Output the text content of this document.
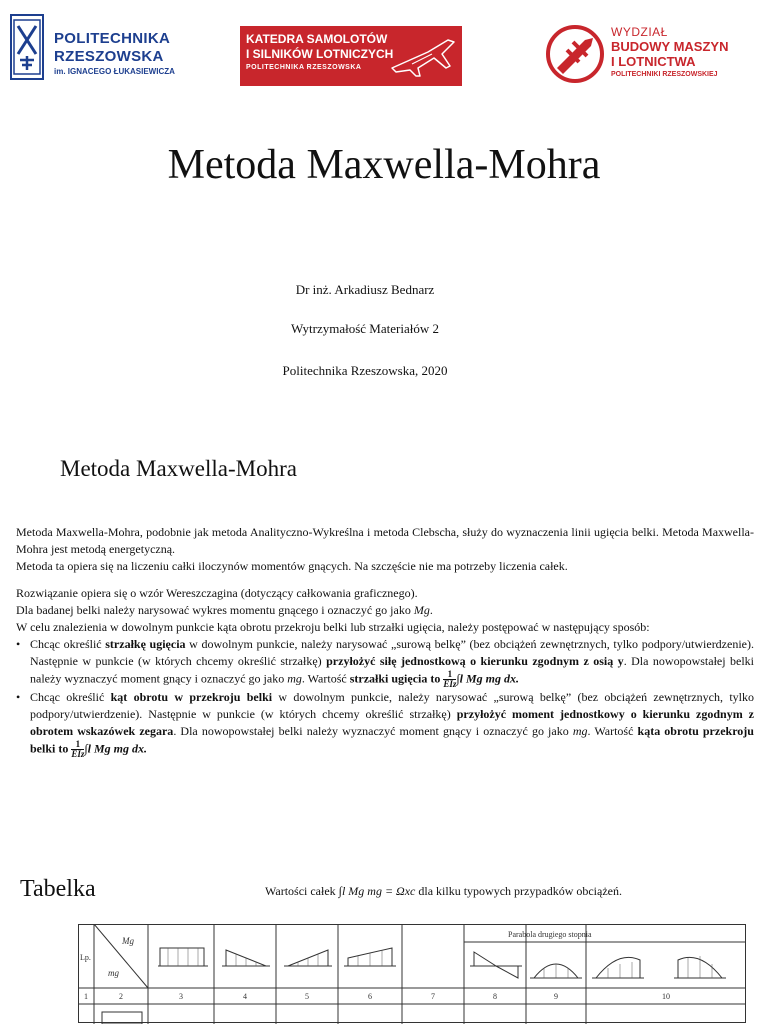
POLITECHNIKA
RZESZOWSKA
im. IGNACEGO ŁUKASIEWICZA
KATEDRA SAMOLOTÓW
I SILNIKÓW LOTNICZYCH
POLITECHNIKA RZESZOWSKA
WYDZIAŁ
BUDOWY MASZYN
I LOTNICTWA
POLITECHNIKI RZESZOWSKIEJ
Metoda Maxwella-Mohra
Dr inż. Arkadiusz Bednarz
Wytrzymałość Materiałów 2
Politechnika Rzeszowska, 2020
Metoda Maxwella-Mohra

Metoda Maxwella-Mohra, podobnie jak metoda Analityczno-Wykreślna i metoda Clebscha, służy do wyznaczenia linii ugięcia belki. Metoda Maxwella-Mohra jest metodą energetyczną.

Metoda ta opiera się na liczeniu całki iloczynów momentów gnących. Na szczęście nie ma potrzeby liczenia całek.

Rozwiązanie opiera się o wzór Wereszczagina (dotyczący całkowania graficznego).

Dla badanej belki należy narysować wykres momentu gnącego i oznaczyć go jako Mg.

W celu znalezienia w dowolnym punkcie kąta obrotu przekroju belki lub strzałki ugięcia, należy postępować w następujący sposób:

• Chcąc określić strzałkę ugięcia w dowolnym punkcie, należy narysować „surową belkę” (bez obciążeń zewnętrznych, tylko podpory/utwierdzenie). Następnie w punkcie (w których chcemy określić strzałkę) przyłożyć siłę jednostkową o kierunku zgodnym z osią y. Dla nowopowstałej belki należy wyznaczyć moment gnący i oznaczyć go jako mg. Wartość strzałki ugięcia to $\frac{1}{\text{EIz}} \int l$ Mg mg dx.
• Chcąc określić kąt obrotu w przekroju belki w dowolnym punkcie, należy narysować „surową belkę” (bez obciążeń zewnętrznych, tylko podpory/utwierdzenie). Następnie w punkcie (w których chcemy określić strzałkę) przyłożyć moment jednostkowy o kierunku zgodnym z obrotem wskazówek zegara. Dla nowopowstałej belki należy wyznaczyć moment gnący i oznaczyć go jako mg. Wartość kąta obrotu przekroju belki to $\frac{1}{\text{EIz}} \int l$ Mg mg dx.
Tabelka	Wartości całek ∫l Mg mg = Ωxc dla kilku typowych przypadków obciążeń.
Lp.
Mg
mg
Parabola drugiego stopnia
1	2	3	4	5	6	7	8	9	10
